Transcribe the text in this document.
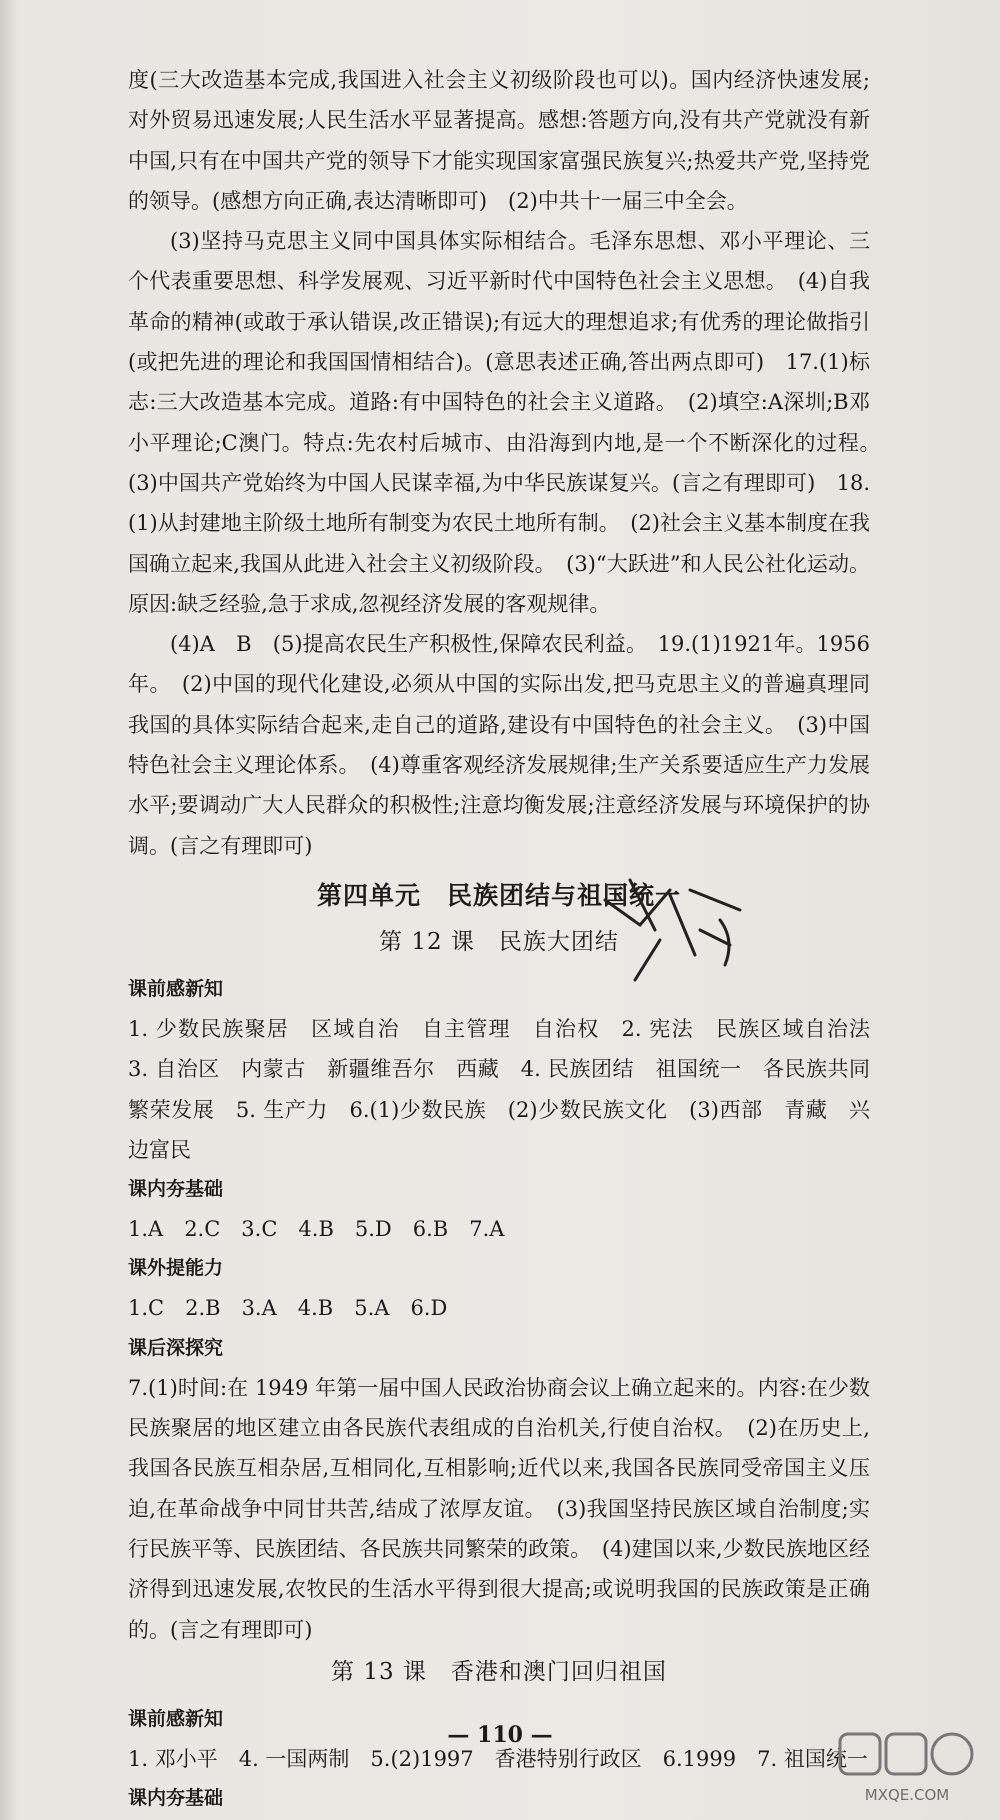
度(三大改造基本完成,我国进入社会主义初级阶段也可以)。国内经济快速发展;对外贸易迅速发展;人民生活水平显著提高。感想:答题方向,没有共产党就没有新中国,只有在中国共产党的领导下才能实现国家富强民族复兴;热爱共产党,坚持党的领导。(感想方向正确,表达清晰即可)　(2)中共十一届三中全会。

(3)坚持马克思主义同中国具体实际相结合。毛泽东思想、邓小平理论、三个代表重要思想、科学发展观、习近平新时代中国特色社会主义思想。　(4)自我革命的精神(或敢于承认错误,改正错误);有远大的理想追求;有优秀的理论做指引(或把先进的理论和我国国情相结合)。(意思表述正确,答出两点即可)　17.(1)标志:三大改造基本完成。道路:有中国特色的社会主义道路。　(2)填空:A深圳;B邓小平理论;C澳门。特点:先农村后城市、由沿海到内地,是一个不断深化的过程。　(3)中国共产党始终为中国人民谋幸福,为中华民族谋复兴。(言之有理即可)　18.(1)从封建地主阶级土地所有制变为农民土地所有制。　(2)社会主义基本制度在我国确立起来,我国从此进入社会主义初级阶段。　(3)“大跃进”和人民公社化运动。原因:缺乏经验,急于求成,忽视经济发展的客观规律。

(4)A　B　(5)提高农民生产积极性,保障农民利益。　19.(1)1921年。1956年。　(2)中国的现代化建设,必须从中国的实际出发,把马克思主义的普遍真理同我国的具体实际结合起来,走自己的道路,建设有中国特色的社会主义。　(3)中国特色社会主义理论体系。　(4)尊重客观经济发展规律;生产关系要适应生产力发展水平;要调动广大人民群众的积极性;注意均衡发展;注意经济发展与环境保护的协调。(言之有理即可)

第四单元　民族团结与祖国统一
第 12 课　民族大团结

课前感新知

1. 少数民族聚居　区域自治　自主管理　自治权　2. 宪法　民族区域自治法　3. 自治区　内蒙古　新疆维吾尔　西藏　4. 民族团结　祖国统一　各民族共同繁荣发展　5. 生产力　6.(1)少数民族　(2)少数民族文化　(3)西部　青藏　兴边富民

课内夯基础

1.A　2.C　3.C　4.B　5.D　6.B　7.A

课外提能力

1.C　2.B　3.A　4.B　5.A　6.D

课后深探究

7.(1)时间:在 1949 年第一届中国人民政治协商会议上确立起来的。内容:在少数民族聚居的地区建立由各民族代表组成的自治机关,行使自治权。　(2)在历史上,我国各民族互相杂居,互相同化,互相影响;近代以来,我国各民族同受帝国主义压迫,在革命战争中同甘共苦,结成了浓厚友谊。　(3)我国坚持民族区域自治制度;实行民族平等、民族团结、各民族共同繁荣的政策。　(4)建国以来,少数民族地区经济得到迅速发展,农牧民的生活水平得到很大提高;或说明我国的民族政策是正确的。(言之有理即可)

第 13 课　香港和澳门回归祖国

课前感新知

1. 邓小平　4. 一国两制　5.(2)1997　香港特别行政区　6.1999　7. 祖国统一

课内夯基础

— 110 —
MXQE.COM
